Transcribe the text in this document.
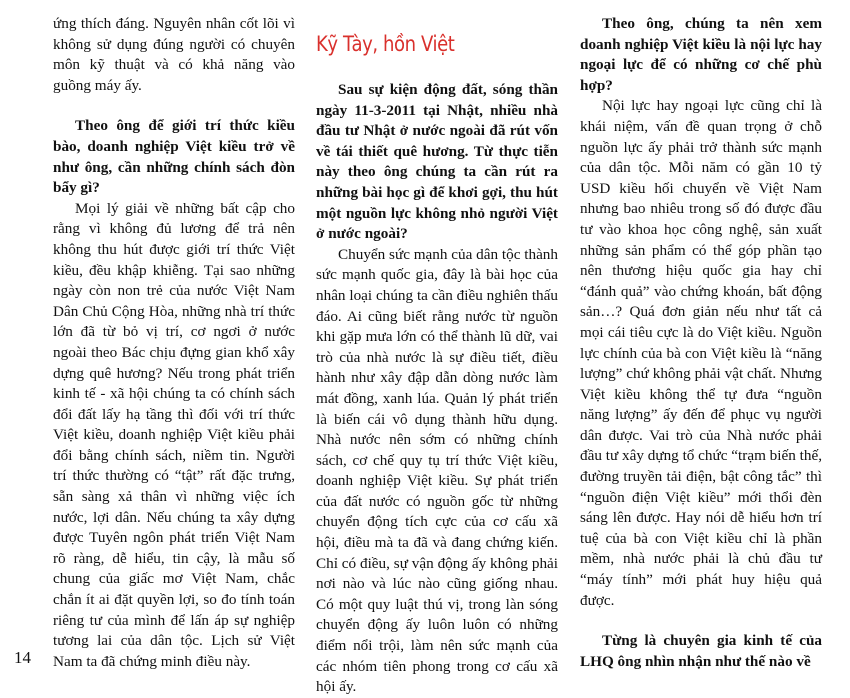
ứng thích đáng. Nguyên nhân cốt lõi vì không sử dụng đúng người có chuyên môn kỹ thuật và có khả năng vào guồng máy ấy.

Theo ông để giới trí thức kiều bào, doanh nghiệp Việt kiều trở về như ông, cần những chính sách đòn bẩy gì?

Mọi lý giải về những bất cập cho rằng vì không đủ lương để trả nên không thu hút được giới trí thức Việt kiều, đều khập khiễng. Tại sao những ngày còn non trẻ của nước Việt Nam Dân Chủ Cộng Hòa, những nhà trí thức lớn đã từ bỏ vị trí, cơ ngơi ở nước ngoài theo Bác chịu đựng gian khổ xây dựng quê hương? Nếu trong phát triển kinh tế - xã hội chúng ta có chính sách đổi đất lấy hạ tầng thì đối với trí thức Việt kiều, doanh nghiệp Việt kiều phải đổi bằng chính sách, niềm tin. Người trí thức thường có “tật” rất đặc trưng, sẵn sàng xả thân vì những việc ích nước, lợi dân. Nếu chúng ta xây dựng được Tuyên ngôn phát triển Việt Nam rõ ràng, dễ hiểu, tin cậy, là mẫu số chung của giấc mơ Việt Nam, chắc chắn ít ai đặt quyền lợi, so đo tính toán riêng tư của mình để lấn áp sự nghiệp tương lai của dân tộc. Lịch sử Việt Nam ta đã chứng minh điều này.

Kỹ Tày, hồn Việt

Sau sự kiện động đất, sóng thần ngày 11-3-2011 tại Nhật, nhiều nhà đầu tư Nhật ở nước ngoài đã rút vốn về tái thiết quê hương. Từ thực tiễn này theo ông chúng ta cần rút ra những bài học gì để khơi gợi, thu hút một nguồn lực không nhỏ người Việt ở nước ngoài?

Chuyển sức mạnh của dân tộc thành sức mạnh quốc gia, đây là bài học của nhân loại chúng ta cần điều nghiên thấu đáo. Ai cũng biết rằng nước từ nguồn khi gặp mưa lớn có thể thành lũ dữ, vai trò của nhà nước là sự điều tiết, điều hành như xây đập dẫn dòng nước làm mát đồng, xanh lúa. Quản lý phát triển là biến cái vô dụng thành hữu dụng. Nhà nước nên sớm có những chính sách, cơ chế quy tụ trí thức Việt kiều, doanh nghiệp Việt kiều. Sự phát triển của đất nước có nguồn gốc từ những chuyển động tích cực của cơ cấu xã hội, điều mà ta đã và đang chứng kiến. Chỉ có điều, sự vận động ấy không phải nơi nào và lúc nào cũng giống nhau. Có một quy luật thú vị, trong làn sóng chuyển động ấy luôn luôn có những điểm nổi trội, làm nên sức mạnh của các nhóm tiên phong trong cơ cấu xã hội ấy.

Theo ông, chúng ta nên xem doanh nghiệp Việt kiều là nội lực hay ngoại lực để có những cơ chế phù hợp?

Nội lực hay ngoại lực cũng chỉ là khái niệm, vấn đề quan trọng ở chỗ nguồn lực ấy phải trở thành sức mạnh của dân tộc. Mỗi năm có gần 10 tỷ USD kiều hối chuyển về Việt Nam nhưng bao nhiêu trong số đó được đầu tư vào khoa học công nghệ, sản xuất những sản phẩm có thể góp phần tạo nên thương hiệu quốc gia hay chỉ “đánh quả” vào chứng khoán, bất động sản…? Quá đơn giản nếu như tất cả mọi cái tiêu cực là do Việt kiều. Nguồn lực chính của bà con Việt kiều là “năng lượng” chứ không phải vật chất. Nhưng Việt kiều không thể tự đưa “nguồn năng lượng” ấy đến để phục vụ người dân được. Vai trò của Nhà nước phải đầu tư xây dựng tổ chức “trạm biến thế, đường truyền tải điện, bật công tắc” thì “nguồn điện Việt kiều” mới thổi đèn sáng lên được. Hay nói dễ hiểu hơn trí tuệ của bà con Việt kiều chỉ là phần mềm, nhà nước phải là chủ đầu tư “máy tính” mới phát huy hiệu quả được.

Từng là chuyên gia kinh tế của LHQ ông nhìn nhận như thế nào về

14
